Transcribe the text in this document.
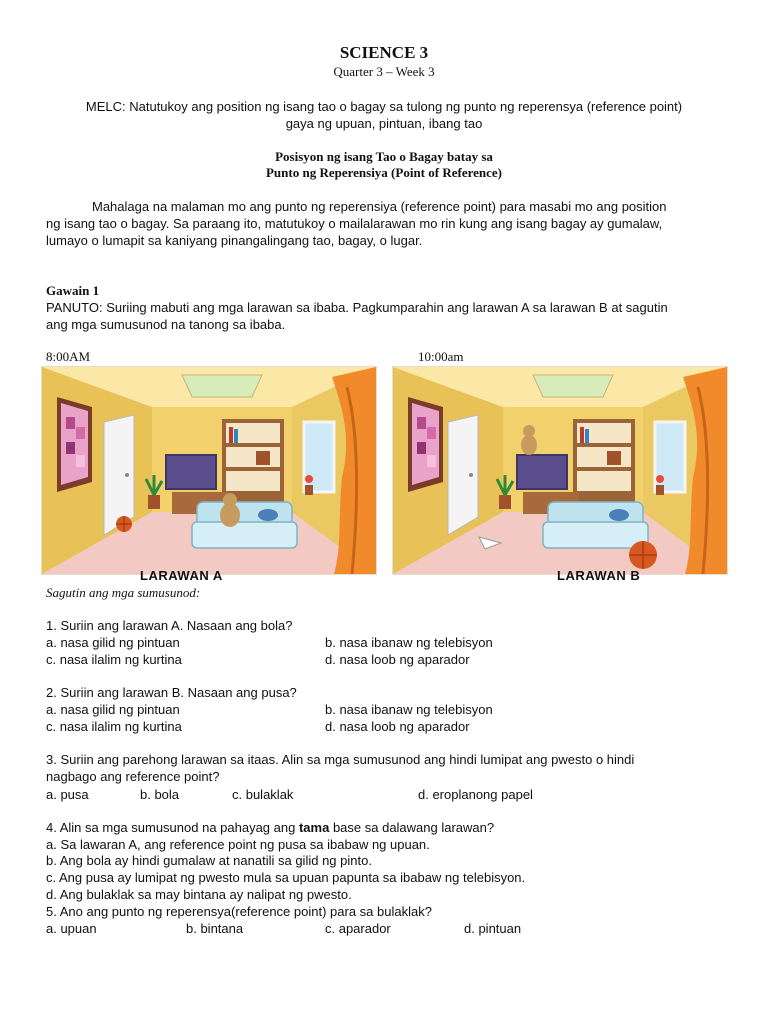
SCIENCE 3
Quarter 3 – Week 3
MELC: Natutukoy ang position ng isang tao o bagay sa tulong ng punto ng reperensya (reference point)
gaya ng upuan, pintuan, ibang tao
Posisyon ng isang Tao o Bagay batay sa
Punto ng Reperensiya (Point of Reference)
Mahalaga na malaman mo ang punto ng reperensiya (reference point) para masabi mo ang position
ng isang tao o bagay. Sa paraang ito, matutukoy o mailalarawan mo rin kung ang isang bagay ay gumalaw,
lumayo o lumapit sa kaniyang pinangalingang tao, bagay, o lugar.
Gawain 1
PANUTO: Suriing mabuti ang mga larawan sa ibaba. Pagkumparahin ang larawan A sa larawan B at sagutin
ang mga sumusunod na tanong sa ibaba.
8:00AM	10:00am
LARAWAN A	LARAWAN B
Sagutin ang mga sumusunod:
1. Suriin ang larawan A. Nasaan ang bola?
a. nasa gilid ng pintuan	b. nasa ibanaw ng telebisyon
c. nasa ilalim ng kurtina	d. nasa loob ng aparador
2. Suriin ang larawan B. Nasaan ang pusa?
a. nasa gilid ng pintuan	b. nasa ibanaw ng telebisyon
c. nasa ilalim ng kurtina	d. nasa loob ng aparador
3. Suriin ang parehong larawan sa itaas. Alin sa mga sumusunod ang hindi lumipat ang pwesto o hindi
nagbago ang reference point?
a. pusa	b. bola	c. bulaklak	d. eroplanong papel
4. Alin sa mga sumusunod na pahayag ang tama base sa dalawang larawan?
a. Sa lawaran A, ang reference point ng pusa sa ibabaw ng upuan.
b. Ang bola ay hindi gumalaw at nanatili sa gilid ng pinto.
c. Ang pusa ay lumipat ng pwesto mula sa upuan papunta sa ibabaw ng telebisyon.
d. Ang bulaklak sa may bintana ay nalipat ng pwesto.
5. Ano ang punto ng reperensya(reference point) para sa bulaklak?
a. upuan	b. bintana	c. aparador	d. pintuan
